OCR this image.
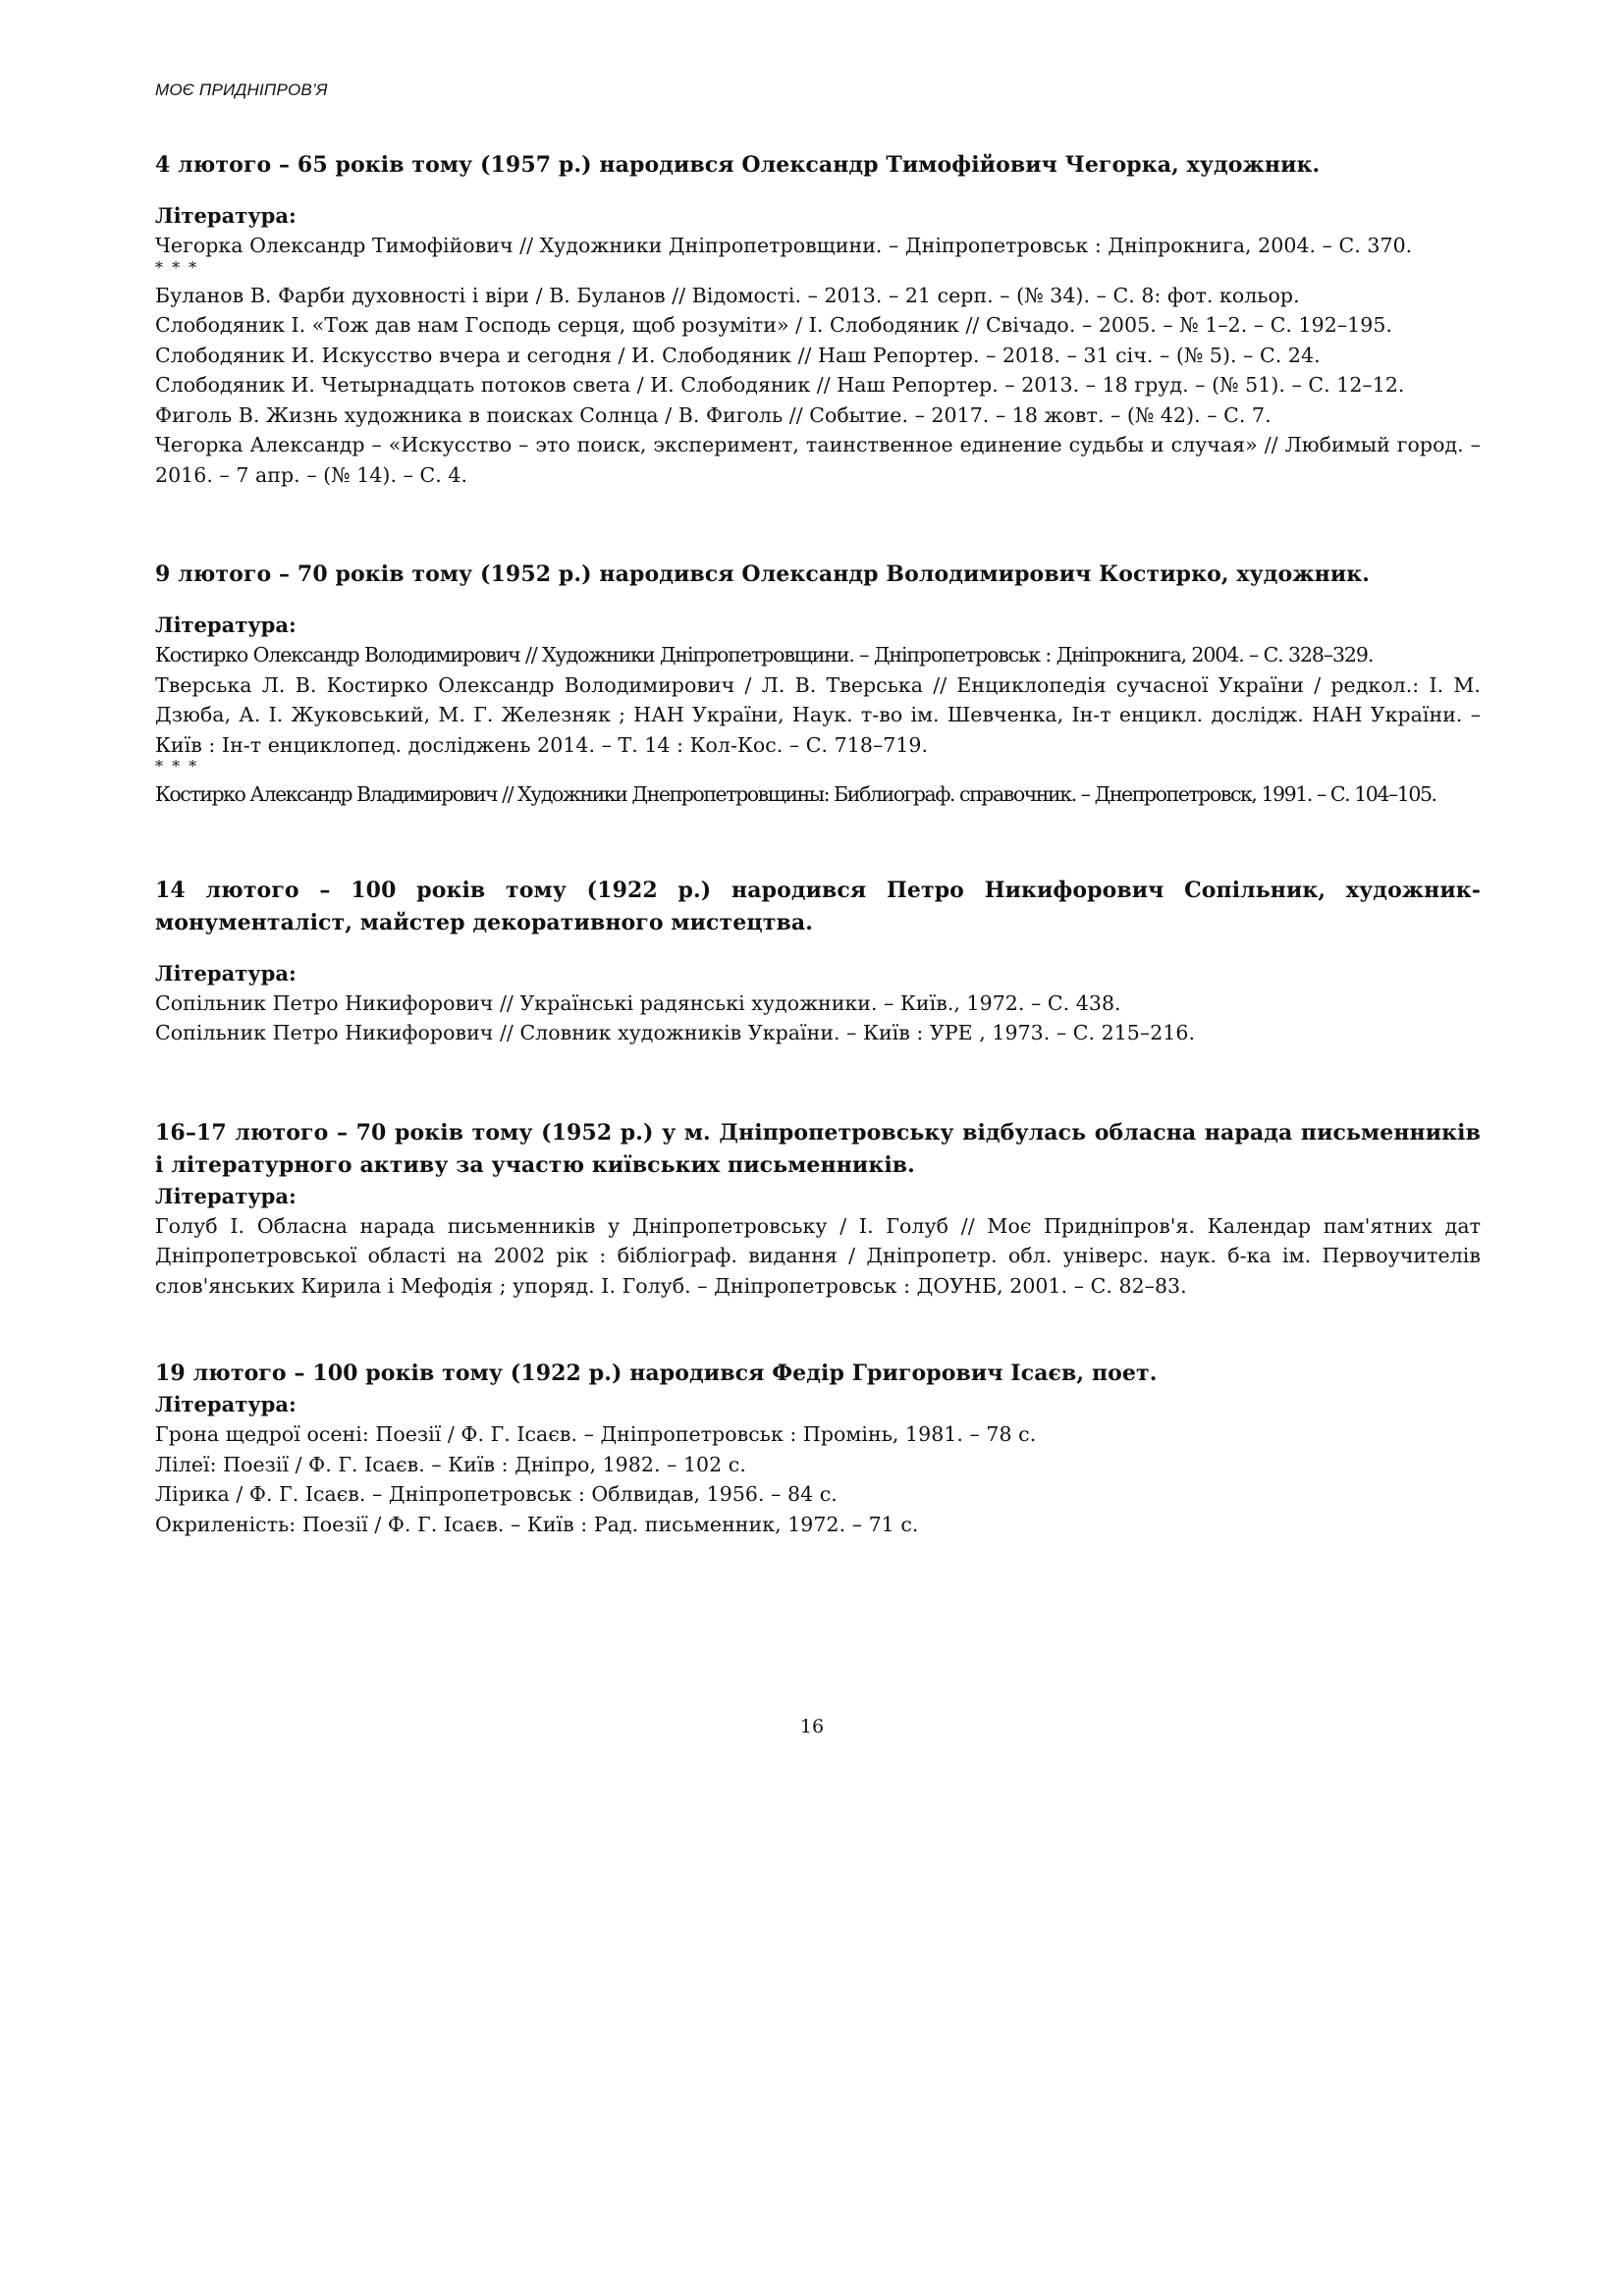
МОЄ ПРИДНІПРОВ’Я

4 лютого – 65 років тому (1957 р.) народився Олександр Тимофійович Чегорка, художник.

Література:

Чегорка Олександр Тимофійович // Художники Дніпропетровщини. – Дніпропетровськ : Дніпрокнига, 2004. – С. 370.

* * *

Буланов В. Фарби духовності і віри / В. Буланов // Відомості. – 2013. – 21 серп. – (№ 34). – С. 8: фот. кольор.

Слободяник І. «Тож дав нам Господь серця, щоб розуміти» / І. Слободяник // Свічадо. – 2005. – № 1–2. – С. 192–195.

Слободяник И. Искусство вчера и сегодня / И. Слободяник // Наш Репортер. – 2018. – 31 січ. – (№ 5). – С. 24.

Слободяник И. Четырнадцать потоков света / И. Слободяник // Наш Репортер. – 2013. – 18 груд. – (№ 51). – С. 12–12.

Фиголь В. Жизнь художника в поисках Солнца / В. Фиголь // Событие. – 2017. – 18 жовт. – (№ 42). – С. 7.

Чегорка Александр – «Искусство – это поиск, эксперимент, таинственное единение судьбы и случая» // Любимый город. – 2016. – 7 апр. – (№ 14). – С. 4.

9 лютого – 70 років тому (1952 р.) народився Олександр Володимирович Костирко, художник.

Література:

Костирко Олександр Володимирович // Художники Дніпропетровщини. – Дніпропетровськ : Дніпрокнига, 2004. – С. 328–329.

Тверська Л. В. Костирко Олександр Володимирович / Л. В. Тверська // Енциклопедія сучасної України / редкол.: І. М. Дзюба, А. І. Жуковський, М. Г. Железняк ; НАН України, Наук. т-во ім. Шевченка, Ін-т енцикл. дослідж. НАН України. – Київ : Ін-т енциклопед. досліджень 2014. – Т. 14 : Кол-Кос. – С. 718–719.

* * *

Костирко Александр Владимирович // Художники Днепропетровщины: Библиограф. справочник. – Днепропетровск, 1991. – С. 104–105.

14 лютого – 100 років тому (1922 р.) народився Петро Никифорович Сопільник, художник-монументаліст, майстер декоративного мистецтва.

Література:

Сопільник Петро Никифорович // Українські радянські художники. – Київ., 1972. – С. 438.

Сопільник Петро Никифорович // Словник художників України. – Київ : УРЕ , 1973. – С. 215–216.

16–17 лютого – 70 років тому (1952 р.) у м. Дніпропетровську відбулась обласна нарада письменників і літературного активу за участю київських письменників.

Література:

Голуб І. Обласна нарада письменників у Дніпропетровську / І. Голуб // Моє Придніпров'я. Календар пам'ятних дат Дніпропетровської області на 2002 рік : бібліограф. видання / Дніпропетр. обл. універс. наук. б-ка ім. Первоучителів слов'янських Кирила і Мефодія ; упоряд. І. Голуб. – Дніпропетровськ : ДОУНБ, 2001. – С. 82–83.

19 лютого – 100 років тому (1922 р.) народився Федір Григорович Ісаєв, поет.

Література:

Грона щедрої осені: Поезії / Ф. Г. Ісаєв. – Дніпропетровськ : Промінь, 1981. – 78 с.

Лілеї: Поезії / Ф. Г. Ісаєв. – Київ : Дніпро, 1982. – 102 с.

Лірика / Ф. Г. Ісаєв. – Дніпропетровськ : Облвидав, 1956. – 84 с.

Окриленість: Поезії / Ф. Г. Ісаєв. – Київ : Рад. письменник, 1972. – 71 с.

16
